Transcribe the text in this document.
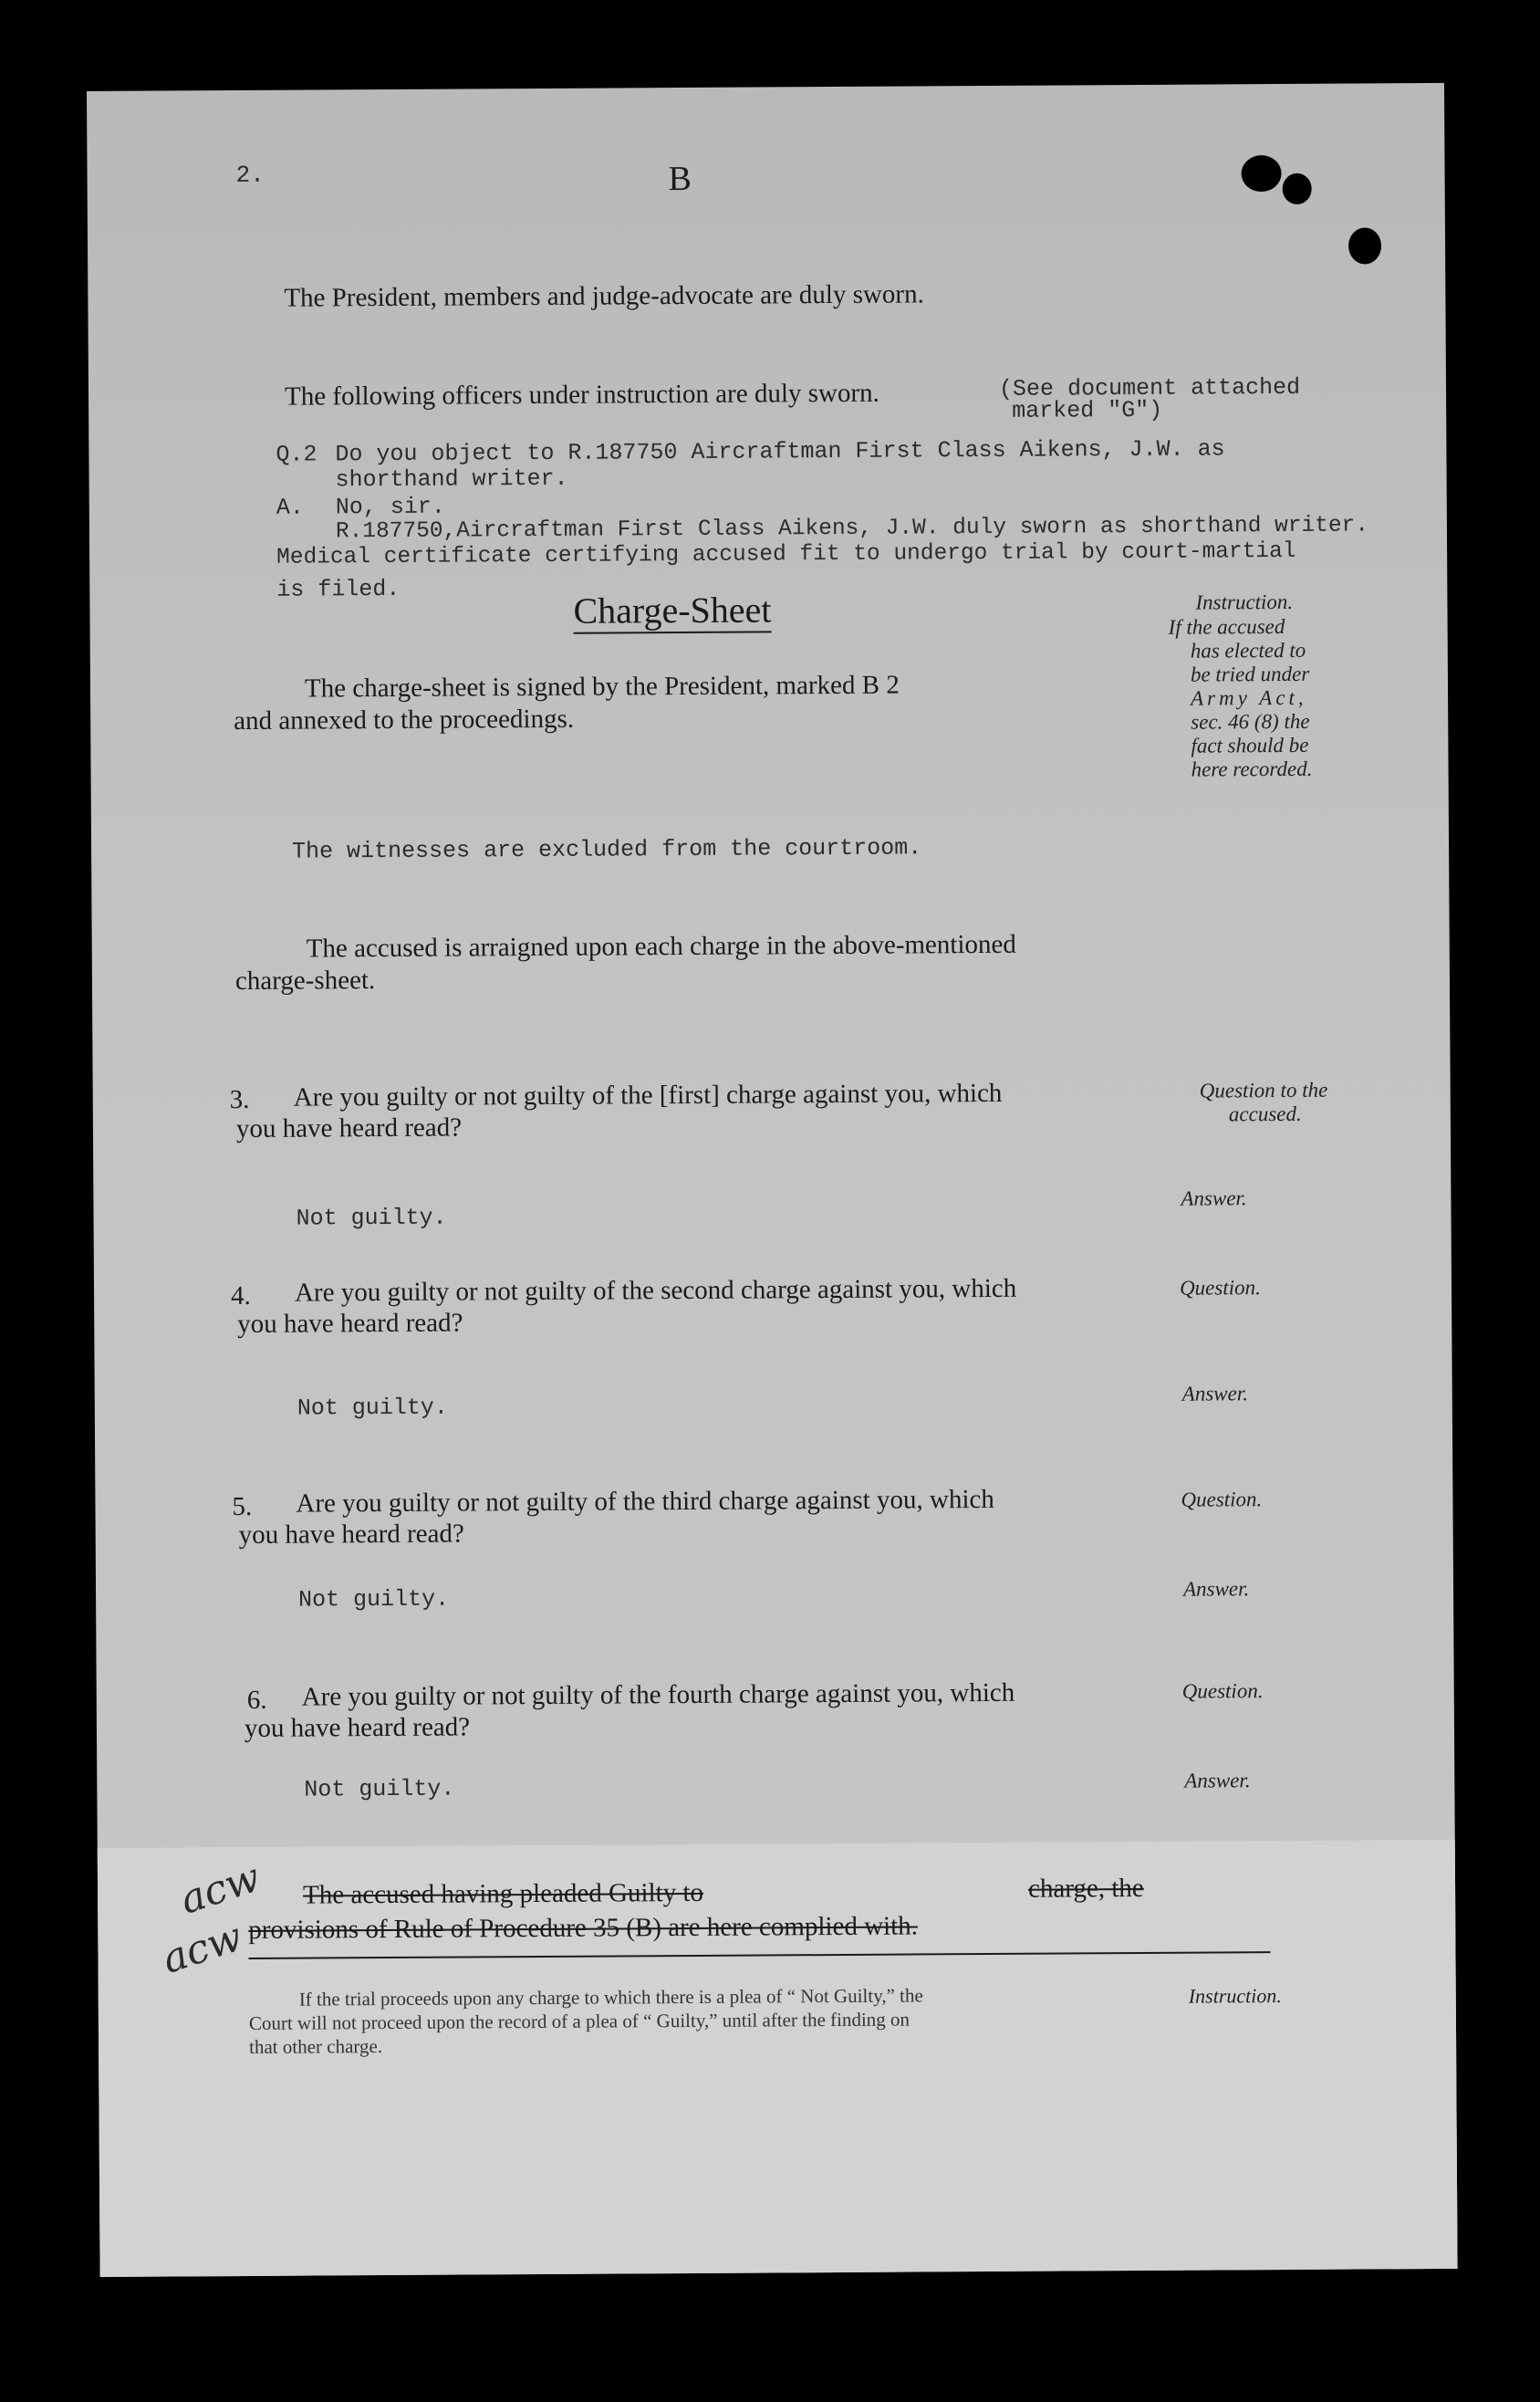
2.	B
The President, members and judge-advocate are duly sworn.
The following officers under instruction are duly sworn.	(See document attached
marked "G")
Q.2 Do you object to R.187750 Aircraftman First Class Aikens, J.W. as
shorthand writer.
A. No, sir.
R.187750,Aircraftman First Class Aikens, J.W. duly sworn as shorthand writer.
Medical certificate certifying accused fit to undergo trial by court-martial
is filed.	Charge-Sheet
The charge-sheet is signed by the President, marked B 2
and annexed to the proceedings.
Instruction.
If the accused
has elected to
be tried under
Army Act,
sec. 46 (8) the
fact should be
here recorded.
The witnesses are excluded from the courtroom.
The accused is arraigned upon each charge in the above-mentioned
charge-sheet.
3. Are you guilty or not guilty of the [first] charge against you, which
you have heard read?
Question to the
accused.
Not guilty.
Answer.
4. Are you guilty or not guilty of the second charge against you, which
you have heard read?
Question.
Not guilty.
Answer.
5. Are you guilty or not guilty of the third charge against you, which
you have heard read?
Question.
Not guilty.	Answer.
6. Are you guilty or not guilty of the fourth charge against you, which
you have heard read?
Question.
Not guilty.	Answer.
acw
acw
The accused having pleaded Guilty to	charge, the
provisions of Rule of Procedure 35 (B) are here complied with.
If the trial proceeds upon any charge to which there is a plea of “ Not Guilty,” the
Court will not proceed upon the record of a plea of “ Guilty,” until after the finding on
that other charge.
Instruction.
